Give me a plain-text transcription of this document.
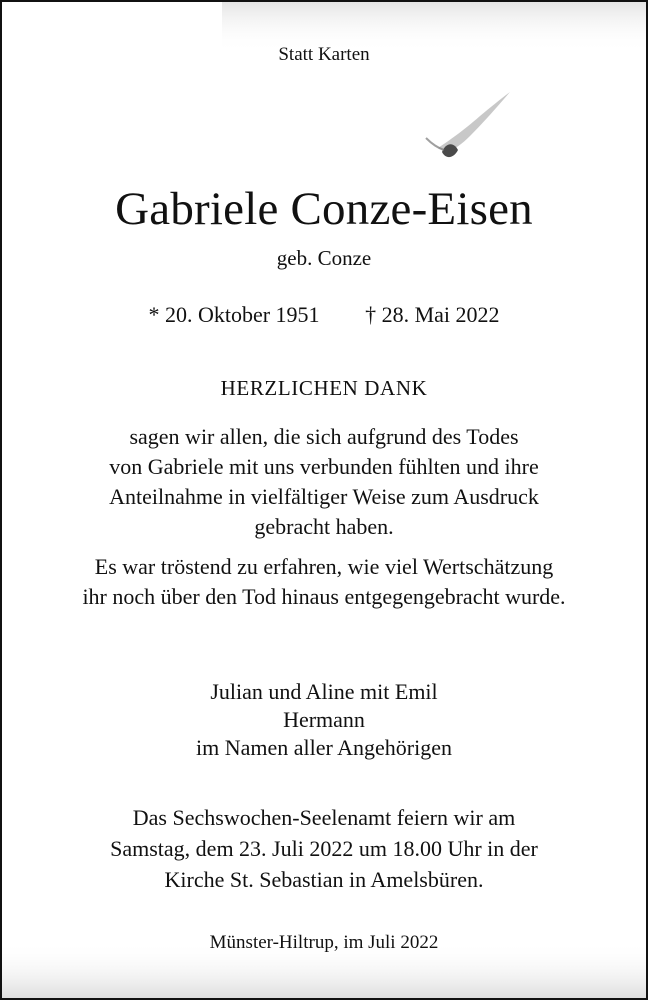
Statt Karten
Gabriele Conze-Eisen
geb. Conze
* 20. Oktober 1951 † 28. Mai 2022
HERZLICHEN DANK
sagen wir allen, die sich aufgrund des Todes
von Gabriele mit uns verbunden fühlten und ihre
Anteilnahme in vielfältiger Weise zum Ausdruck
gebracht haben.
Es war tröstend zu erfahren, wie viel Wertschätzung
ihr noch über den Tod hinaus entgegengebracht wurde.
Julian und Aline mit Emil
Hermann
im Namen aller Angehörigen
Das Sechswochen-Seelenamt feiern wir am
Samstag, dem 23. Juli 2022 um 18.00 Uhr in der
Kirche St. Sebastian in Amelsbüren.
Münster-Hiltrup, im Juli 2022
